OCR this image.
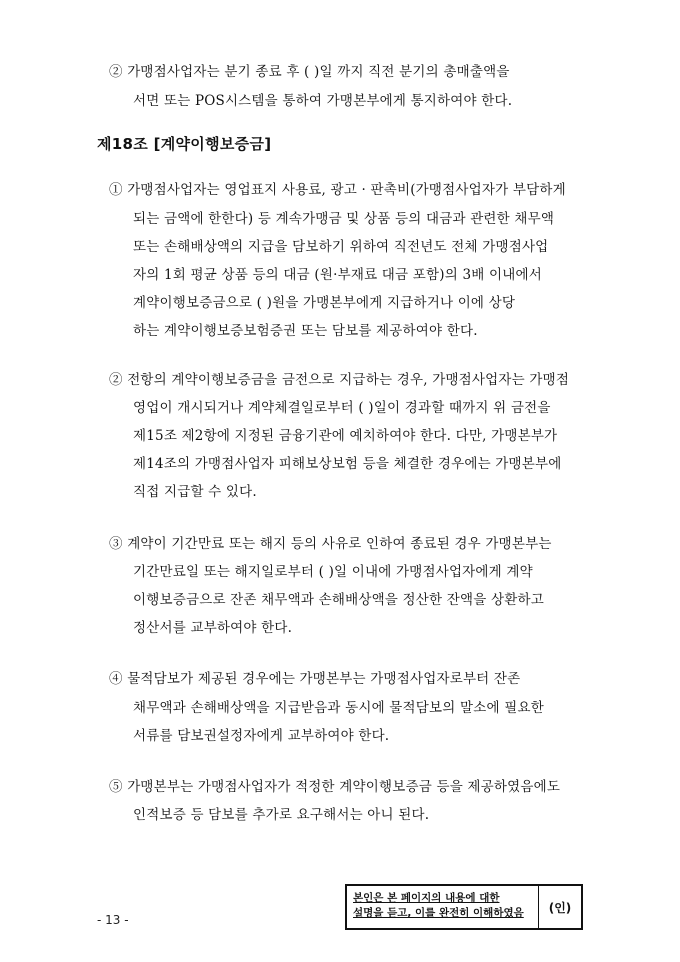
② 가맹점사업자는 분기 종료 후 ( )일 까지 직전 분기의 총매출액을
서면 또는 POS시스템을 통하여 가맹본부에게 통지하여야 한다.
제18조 [계약이행보증금]
① 가맹점사업자는 영업표지 사용료, 광고 · 판촉비(가맹점사업자가 부담하게
되는 금액에 한한다) 등 계속가맹금 및 상품 등의 대금과 관련한 채무액
또는 손해배상액의 지급을 담보하기 위하여 직전년도 전체 가맹점사업
자의 1회 평균 상품 등의 대금 (원·부재료 대금 포함)의 3배 이내에서
계약이행보증금으로 ( )원을 가맹본부에게 지급하거나 이에 상당
하는 계약이행보증보험증권 또는 담보를 제공하여야 한다.
② 전항의 계약이행보증금을 금전으로 지급하는 경우, 가맹점사업자는 가맹점
영업이 개시되거나 계약체결일로부터 ( )일이 경과할 때까지 위 금전을
제15조 제2항에 지정된 금융기관에 예치하여야 한다. 다만, 가맹본부가
제14조의 가맹점사업자 피해보상보험 등을 체결한 경우에는 가맹본부에
직접 지급할 수 있다.
③ 계약이 기간만료 또는 해지 등의 사유로 인하여 종료된 경우 가맹본부는
기간만료일 또는 해지일로부터 ( )일 이내에 가맹점사업자에게 계약
이행보증금으로 잔존 채무액과 손해배상액을 정산한 잔액을 상환하고
정산서를 교부하여야 한다.
④ 물적담보가 제공된 경우에는 가맹본부는 가맹점사업자로부터 잔존
채무액과 손해배상액을 지급받음과 동시에 물적담보의 말소에 필요한
서류를 담보권설정자에게 교부하여야 한다.
⑤ 가맹본부는 가맹점사업자가 적정한 계약이행보증금 등을 제공하였음에도
인적보증 등 담보를 추가로 요구해서는 아니 된다.
- 13 -
본인은 본 페이지의 내용에 대한
설명을 듣고, 이를 완전히 이해하였음	(인)
